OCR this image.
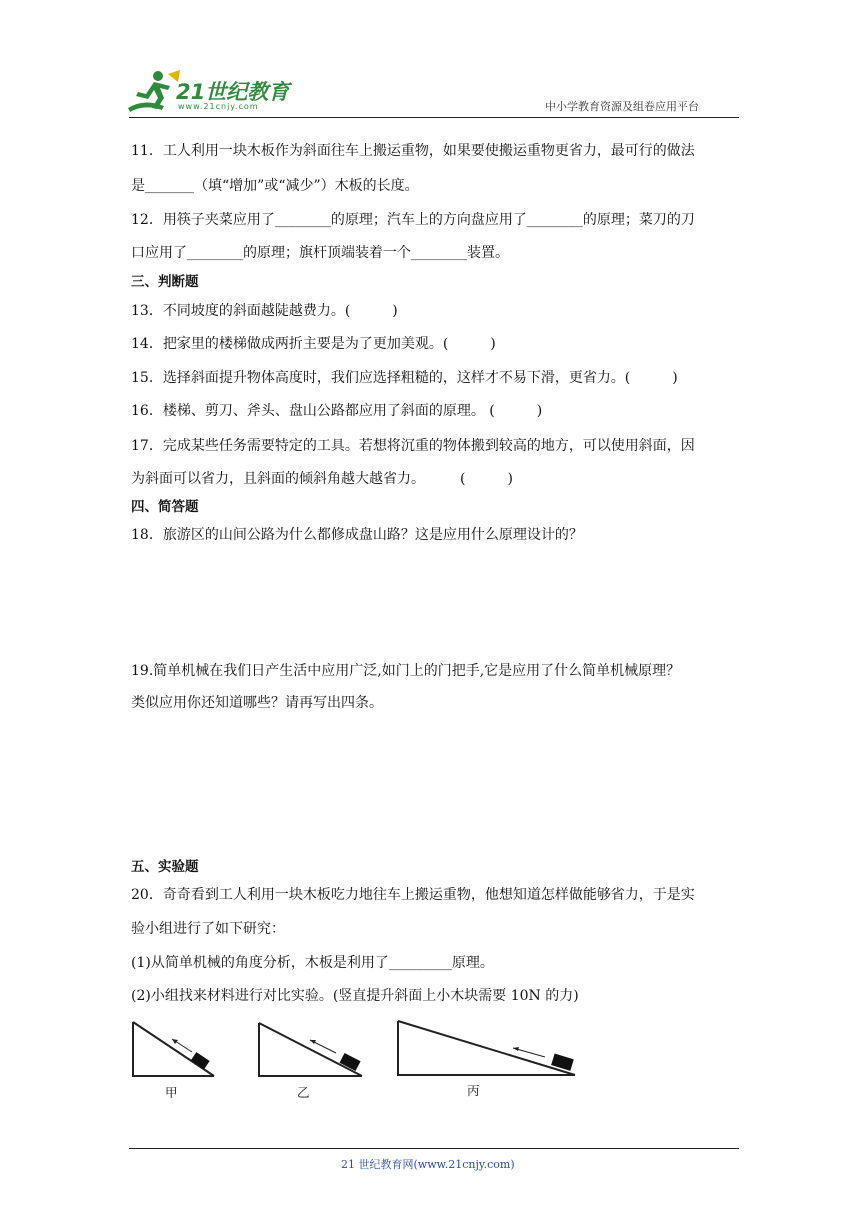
21世纪教育
www.21cnjy.com	中小学教育资源及组卷应用平台
11．工人利用一块木板作为斜面往车上搬运重物，如果要使搬运重物更省力，最可行的做法
是_______（填“增加”或“减少”）木板的长度。
12．用筷子夹菜应用了________的原理；汽车上的方向盘应用了________的原理；菜刀的刀
口应用了________的原理；旗杆顶端装着一个________装置。
三、判断题
13．不同坡度的斜面越陡越费力。(　　　)
14．把家里的楼梯做成两折主要是为了更加美观。(　　　)
15．选择斜面提升物体高度时，我们应选择粗糙的，这样才不易下滑，更省力。(　　　)
16．楼梯、剪刀、斧头、盘山公路都应用了斜面的原理。 (　　　)
17．完成某些任务需要特定的工具。若想将沉重的物体搬到较高的地方，可以使用斜面，因
为斜面可以省力，且斜面的倾斜角越大越省力。　　　(　　　)
四、简答题
18．旅游区的山间公路为什么都修成盘山路？这是应用什么原理设计的？
19.简单机械在我们日产生活中应用广泛,如门上的门把手,它是应用了什么简单机械原理？
类似应用你还知道哪些？请再写出四条。
五、实验题
20．奇奇看到工人利用一块木板吃力地往车上搬运重物，他想知道怎样做能够省力，于是实
验小组进行了如下研究：
(1)从简单机械的角度分析，木板是利用了_________原理。
(2)小组找来材料进行对比实验。(竖直提升斜面上小木块需要 10N 的力)
甲	乙	丙
21 世纪教育网(www.21cnjy.com)
